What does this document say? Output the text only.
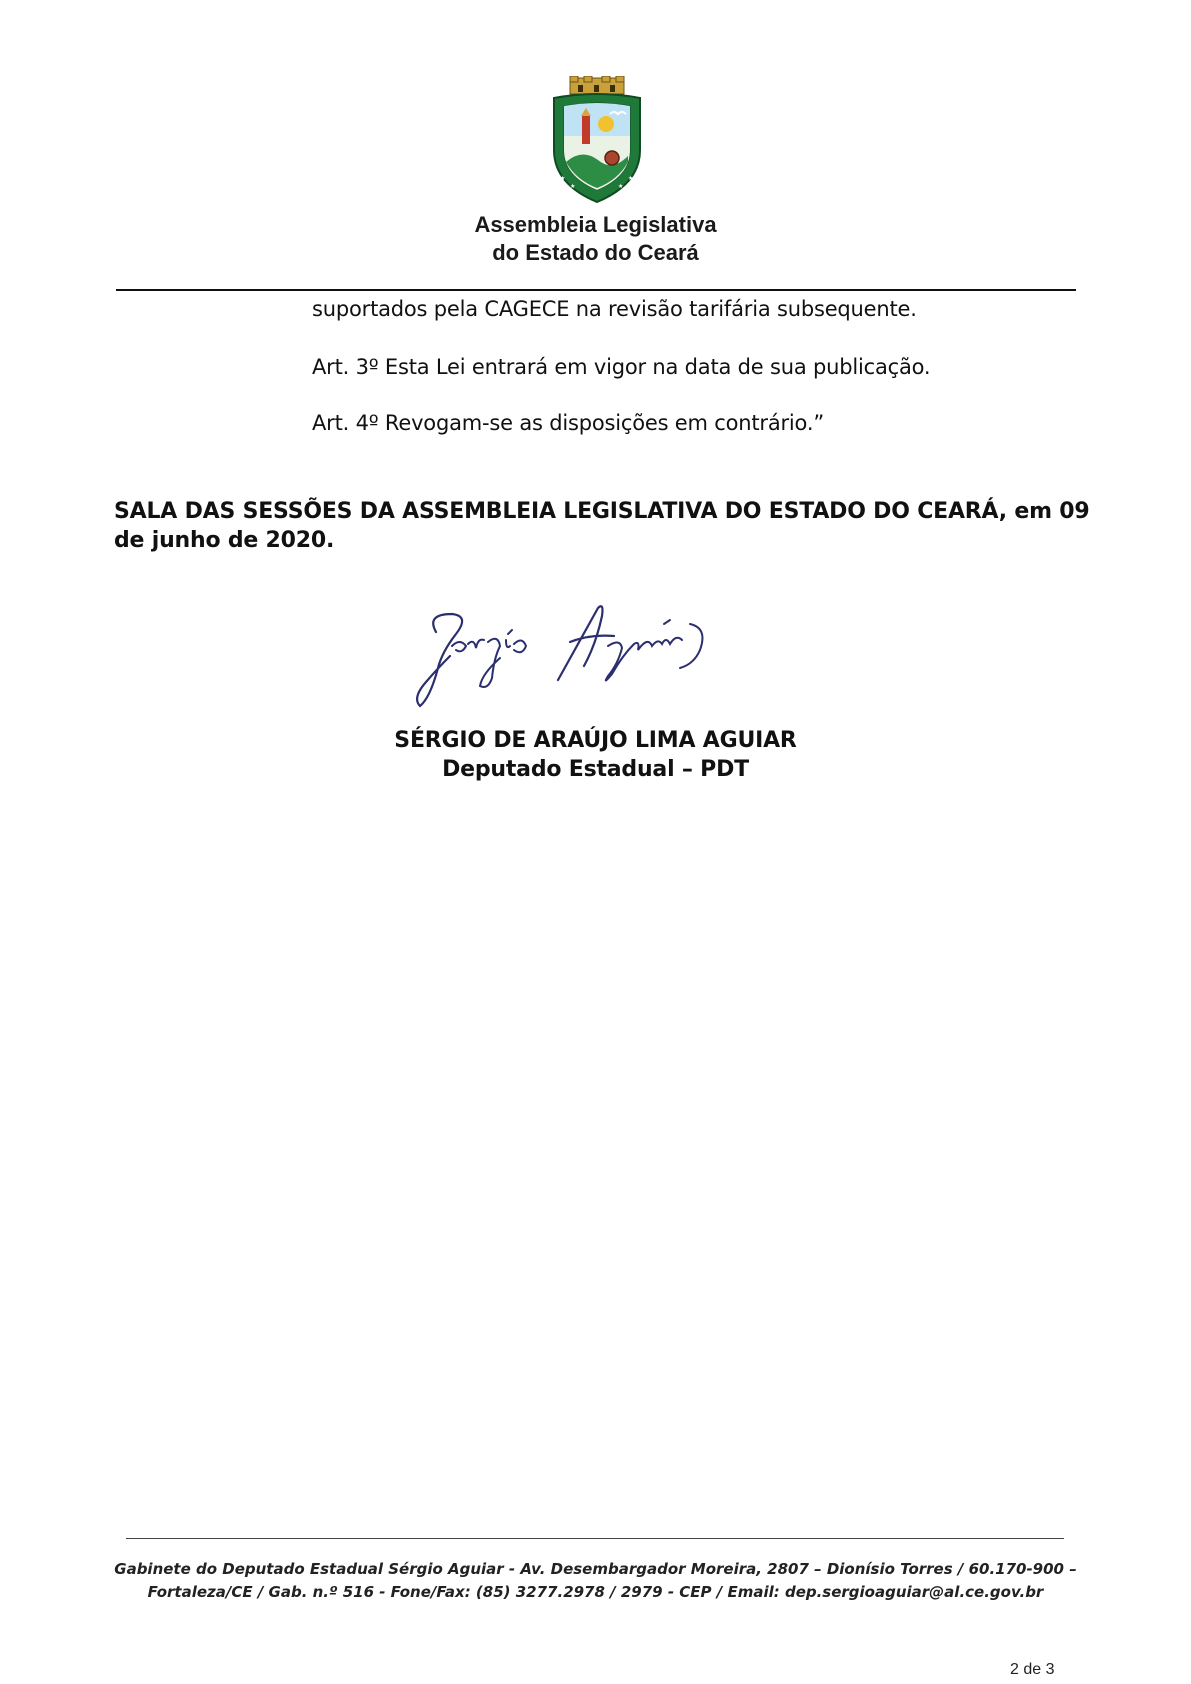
★
★	★
★
Assembleia Legislativa
do Estado do Ceará
suportados pela CAGECE na revisão tarifária subsequente.
Art. 3º Esta Lei entrará em vigor na data de sua publicação.
Art. 4º Revogam-se as disposições em contrário.”
SALA DAS SESSÕES DA ASSEMBLEIA LEGISLATIVA DO ESTADO DO CEARÁ, em 09 de junho de 2020.
SÉRGIO DE ARAÚJO LIMA AGUIAR
Deputado Estadual – PDT
Gabinete do Deputado Estadual Sérgio Aguiar - Av. Desembargador Moreira, 2807 – Dionísio Torres / 60.170-900 –
Fortaleza/CE / Gab. n.º 516 - Fone/Fax: (85) 3277.2978 / 2979 - CEP / Email: dep.sergioaguiar@al.ce.gov.br
2 de 3
